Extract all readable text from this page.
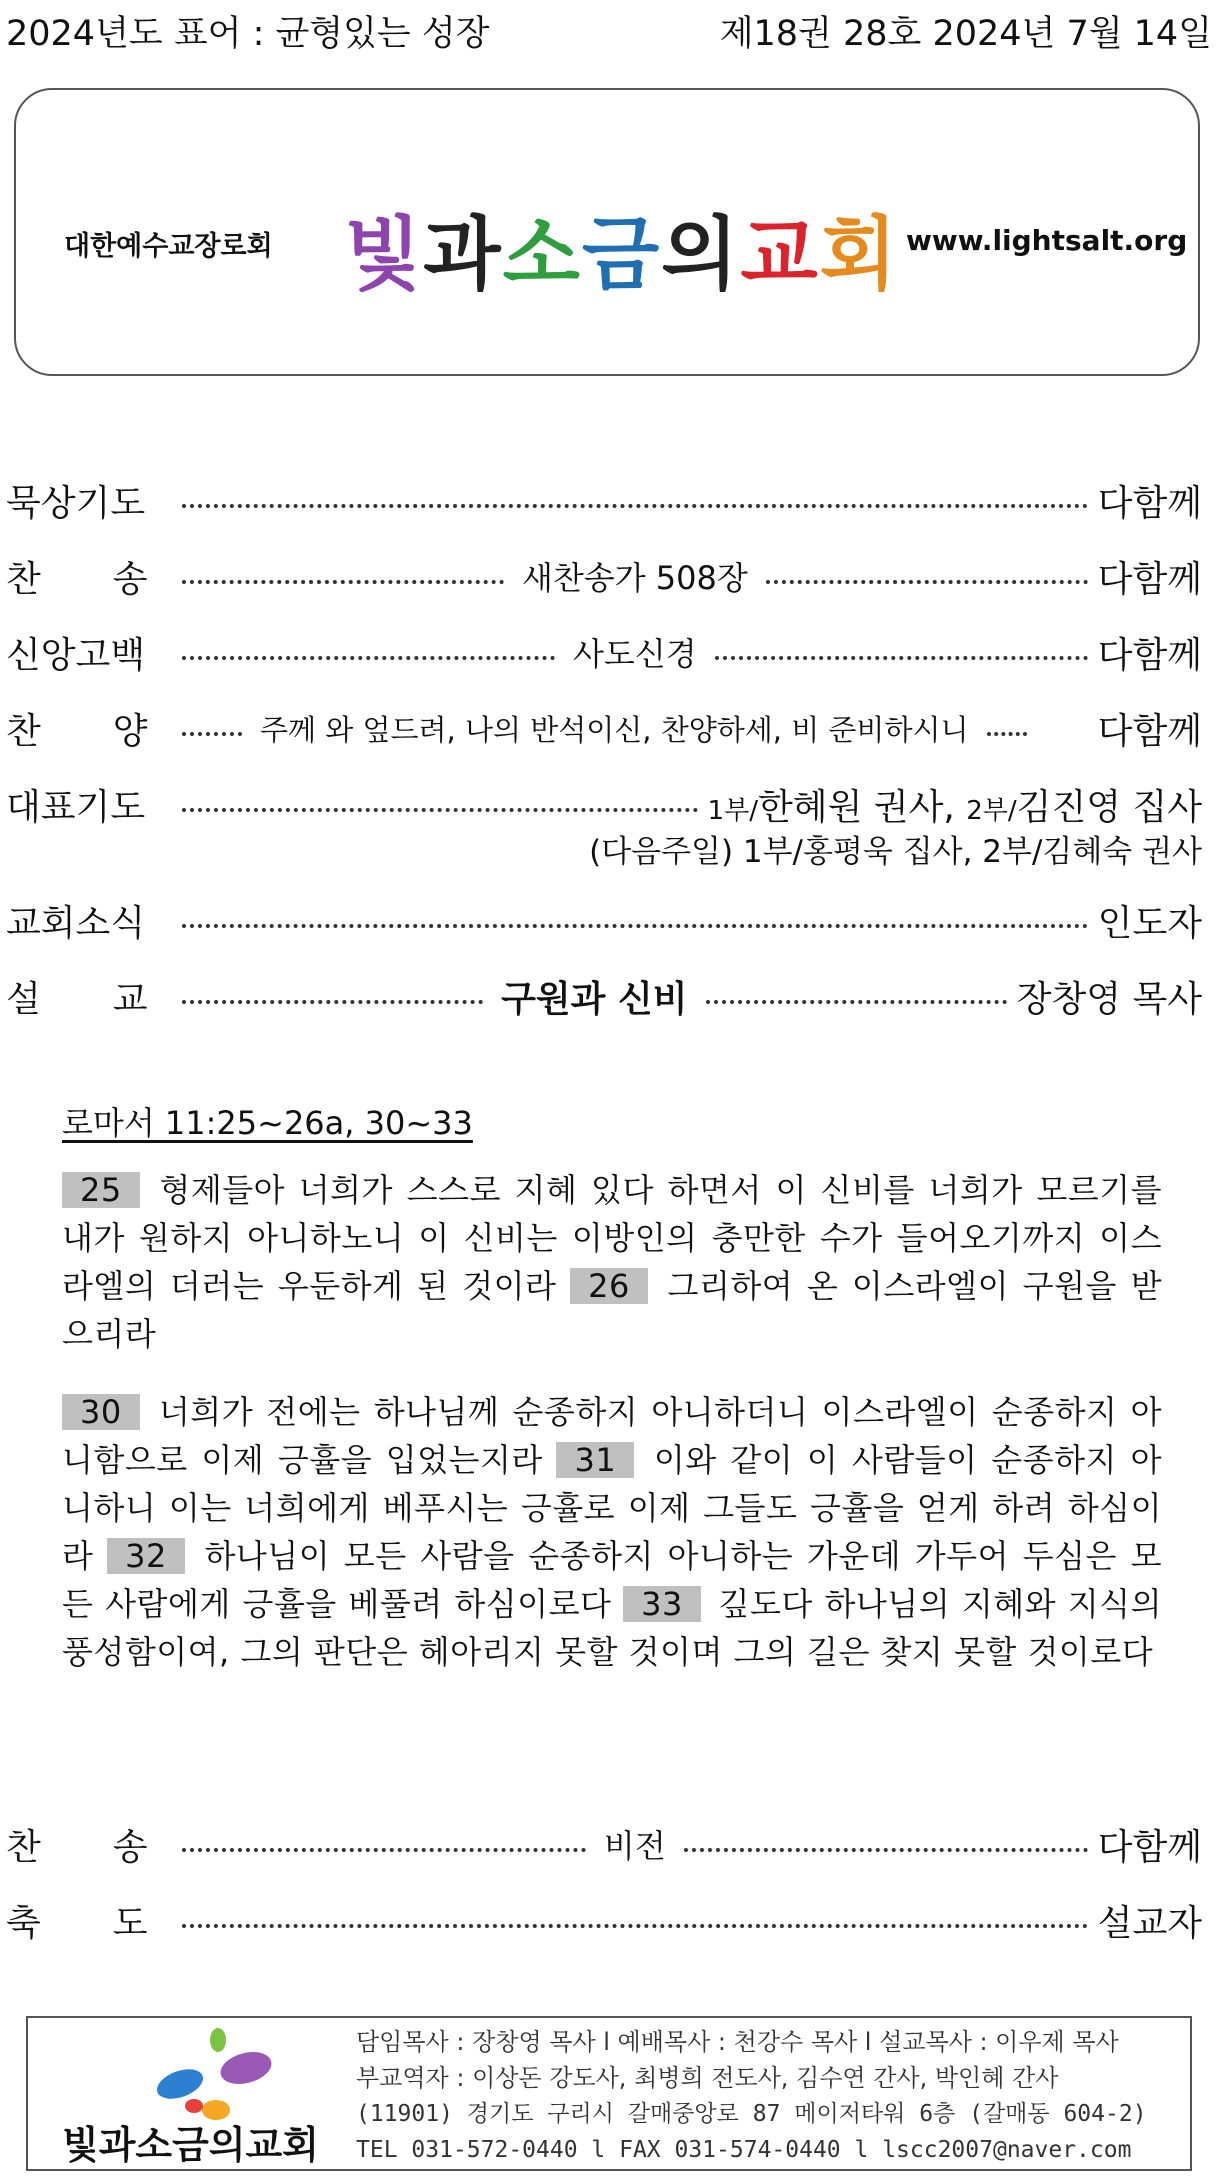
2024년도 표어 : 균형있는 성장	제18권 28호 2024년 7월 14일
대한예수교장로회 빛과소금의교회 www.lightsalt.org
묵상기도	다함께
찬　　송	새찬송가 508장	다함께
신앙고백	사도신경	다함께
찬　　양	주께 와 엎드려, 나의 반석이신, 찬양하세, 비 준비하시니	다함께
대표기도	1부/한혜원 권사, 2부/김진영 집사
(다음주일) 1부/홍평욱 집사, 2부/김혜숙 권사
교회소식	인도자
설　　교	구원과 신비	장창영 목사
로마서 11:25~26a, 30~33
25 형제들아 너희가 스스로 지혜 있다 하면서 이 신비를 너희가 모르기를 내가 원하지 아니하노니 이 신비는 이방인의 충만한 수가 들어오기까지 이스라엘의 더러는 우둔하게 된 것이라 26 그리하여 온 이스라엘이 구원을 받으리라
30 너희가 전에는 하나님께 순종하지 아니하더니 이스라엘이 순종하지 아니함으로 이제 긍휼을 입었는지라 31 이와 같이 이 사람들이 순종하지 아니하니 이는 너희에게 베푸시는 긍휼로 이제 그들도 긍휼을 얻게 하려 하심이라 32 하나님이 모든 사람을 순종하지 아니하는 가운데 가두어 두심은 모든 사람에게 긍휼을 베풀려 하심이로다 33 깊도다 하나님의 지혜와 지식의 풍성함이여, 그의 판단은 헤아리지 못할 것이며 그의 길은 찾지 못할 것이로다
찬　　송	비전	다함께
축　　도	설교자
빛과소금의교회
담임목사 : 장창영 목사 l 예배목사 : 천강수 목사 l 설교목사 : 이우제 목사
부교역자 : 이상돈 강도사, 최병희 전도사, 김수연 간사, 박인혜 간사
(11901) 경기도 구리시 갈매중앙로 87 메이저타워 6층 (갈매동 604-2)
TEL 031-572-0440 l FAX 031-574-0440 l lscc2007@naver.com
